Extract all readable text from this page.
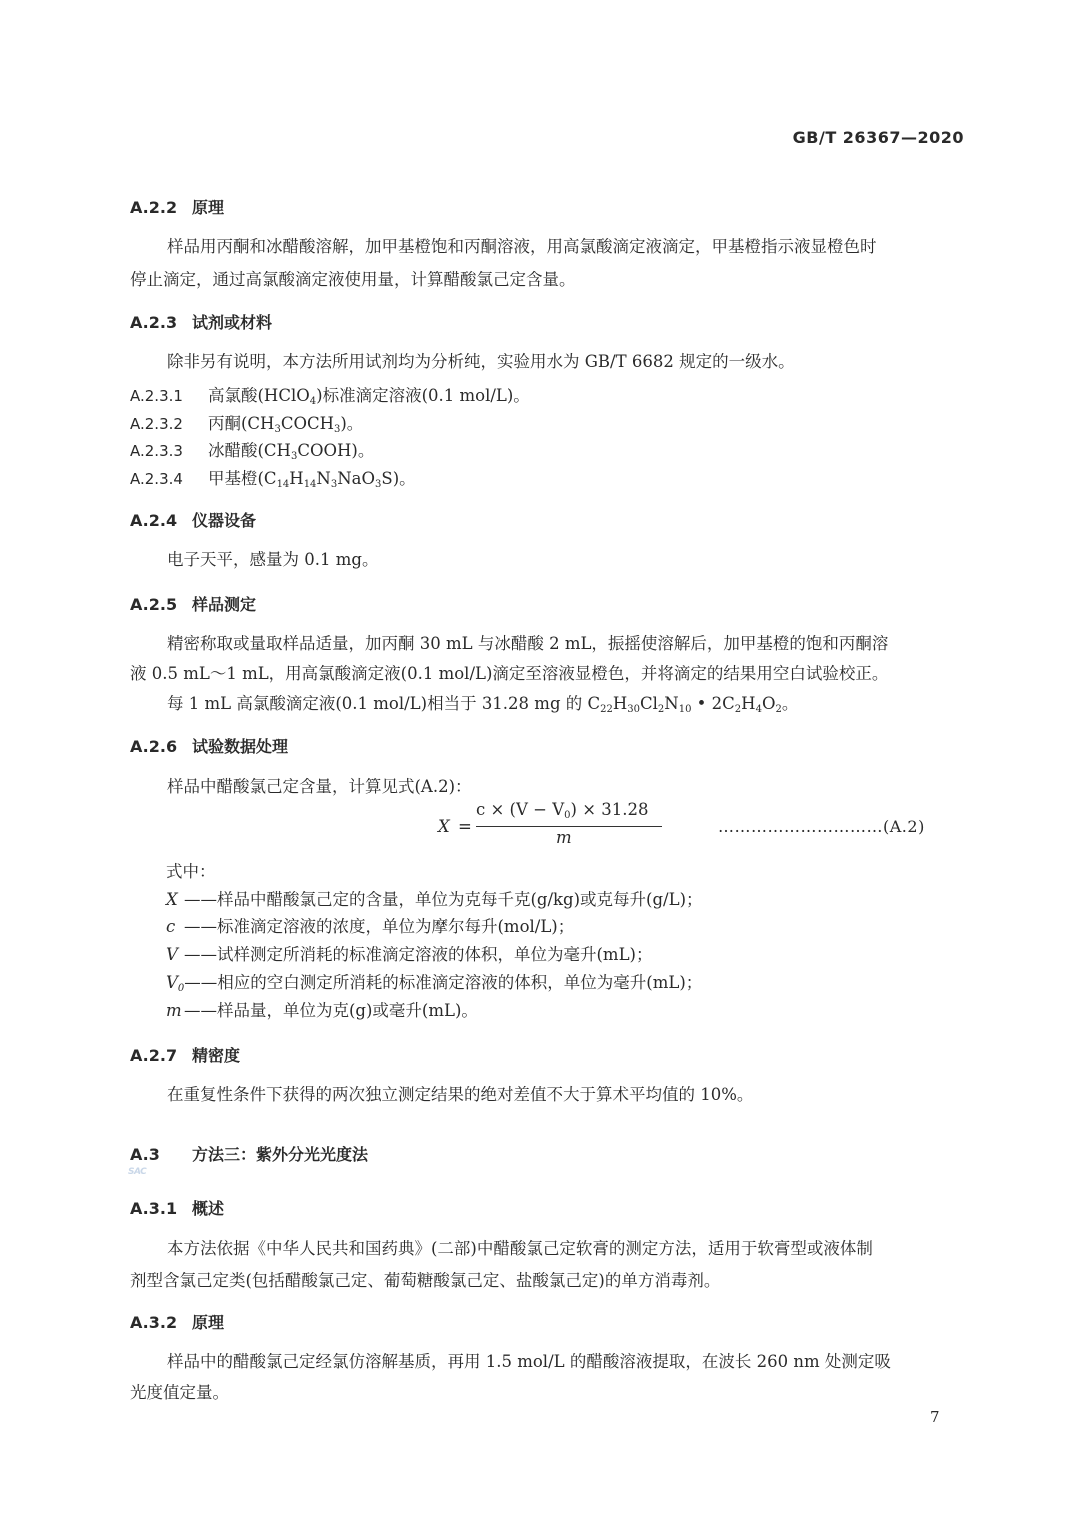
GB/T 26367—2020
A.2.2 原理
样品用丙酮和冰醋酸溶解，加甲基橙饱和丙酮溶液，用高氯酸滴定液滴定，甲基橙指示液显橙色时
停止滴定，通过高氯酸滴定液使用量，计算醋酸氯己定含量。
A.2.3 试剂或材料
除非另有说明，本方法所用试剂均为分析纯，实验用水为 GB/T 6682 规定的一级水。
A.2.3.1 高氯酸(HClO$_4$)标准滴定溶液(0.1 mol/L)。
A.2.3.2 丙酮$(CH_3COCH_3)$。
A.2.3.3 冰醋酸$(CH_3COOH)$。
A.2.3.4 甲基橙$(C_{14}H_{14}N_3NaO_3S)$。
A.2.4 仪器设备
电子天平，感量为 0.1 mg。
A.2.5 样品测定
精密称取或量取样品适量，加丙酮 30 mL 与冰醋酸 2 mL，振摇使溶解后，加甲基橙的饱和丙酮溶
液 0.5 mL～1 mL，用高氯酸滴定液(0.1 mol/L)滴定至溶液显橙色，并将滴定的结果用空白试验校正。
每 1 mL 高氯酸滴定液(0.1 mol/L)相当于 31.28 mg 的 $C_{22}H_{30}Cl_2N_{10}$ • $2C_2H_4O_2$。
A.2.6 试验数据处理
样品中醋酸氯己定含量，计算见式(A.2)：
X =
$c \times (V - V_0) \times 31.28$
m
…………………………(A.2)
式中：
X ——样品中醋酸氯己定的含量，单位为克每千克(g/kg)或克每升(g/L)；
c ——标准滴定溶液的浓度，单位为摩尔每升(mol/L)；
V ——试样测定所消耗的标准滴定溶液的体积，单位为毫升(mL)；
$V_0——$相应的空白测定所消耗的标准滴定溶液的体积，单位为毫升(mL)；
m ——样品量，单位为克(g)或毫升(mL)。
A.2.7 精密度
在重复性条件下获得的两次独立测定结果的绝对差值不大于算术平均值的 10%。
A.3 方法三：紫外分光光度法
SAC
A.3.1 概述
本方法依据《中华人民共和国药典》(二部)中醋酸氯己定软膏的测定方法，适用于软膏型或液体制
剂型含氯己定类(包括醋酸氯己定、葡萄糖酸氯己定、盐酸氯己定)的单方消毒剂。
A.3.2 原理
样品中的醋酸氯己定经氯仿溶解基质，再用 1.5 mol/L 的醋酸溶液提取，在波长 260 nm 处测定吸
光度值定量。
7
